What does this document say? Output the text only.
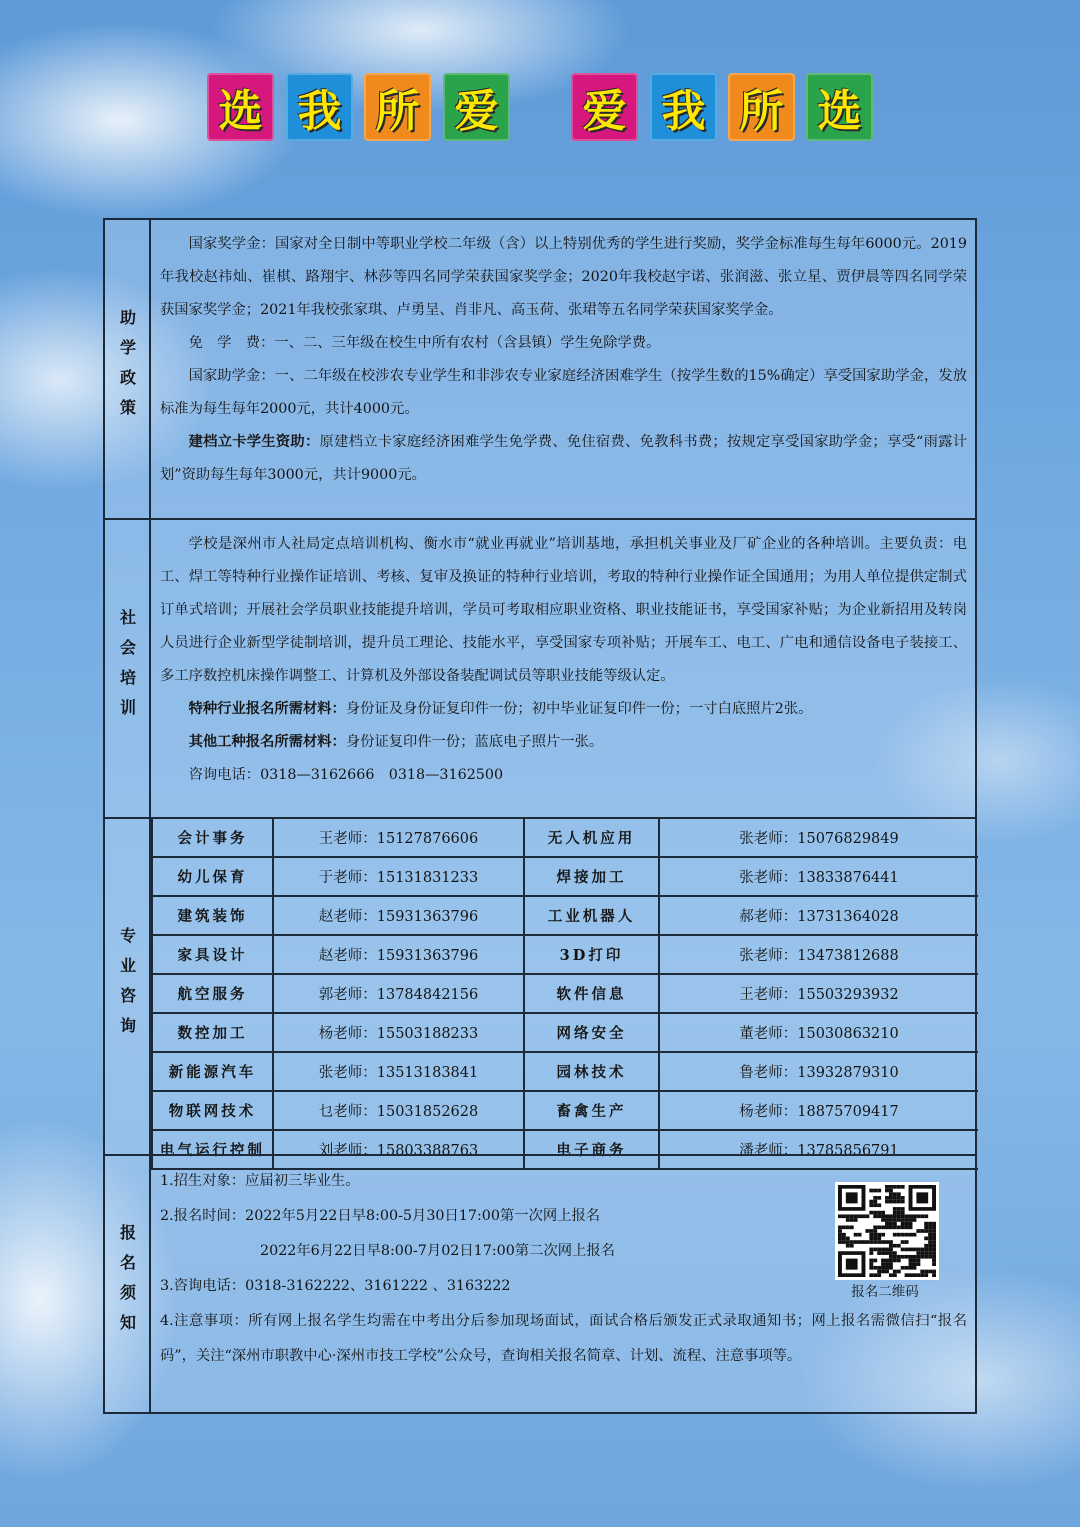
选 我 所 爱 爱 我 所 选
助学政策

国家奖学金：国家对全日制中等职业学校二年级（含）以上特别优秀的学生进行奖励，奖学金标准每生每年6000元。2019年我校赵祎灿、崔棋、路翔宇、林莎等四名同学荣获国家奖学金；2020年我校赵宇诺、张润滋、张立星、贾伊晨等四名同学荣获国家奖学金；2021年我校张家琪、卢勇呈、肖非凡、高玉荷、张珺等五名同学荣获国家奖学金。

免　学　费：一、二、三年级在校生中所有农村（含县镇）学生免除学费。

国家助学金：一、二年级在校涉农专业学生和非涉农专业家庭经济困难学生（按学生数的15%确定）享受国家助学金，发放标准为每生每年2000元，共计4000元。

建档立卡学生资助：原建档立卡家庭经济困难学生免学费、免住宿费、免教科书费；按规定享受国家助学金；享受“雨露计划”资助每生每年3000元，共计9000元。

社会培训

学校是深州市人社局定点培训机构、衡水市“就业再就业”培训基地，承担机关事业及厂矿企业的各种培训。主要负责：电工、焊工等特种行业操作证培训、考核、复审及换证的特种行业培训，考取的特种行业操作证全国通用；为用人单位提供定制式订单式培训；开展社会学员职业技能提升培训，学员可考取相应职业资格、职业技能证书，享受国家补贴；为企业新招用及转岗人员进行企业新型学徒制培训，提升员工理论、技能水平，享受国家专项补贴；开展车工、电工、广电和通信设备电子装接工、多工序数控机床操作调整工、计算机及外部设备装配调试员等职业技能等级认定。

特种行业报名所需材料：身份证及身份证复印件一份；初中毕业证复印件一份；一寸白底照片2张。

其他工种报名所需材料：身份证复印件一份；蓝底电子照片一张。

咨询电话：0318—3162666　0318—3162500

专业咨询
会计事务	王老师：15127876606	无人机应用	张老师：15076829849
幼儿保育	于老师：15131831233	焊接加工	张老师：13833876441
建筑装饰	赵老师：15931363796	工业机器人	郝老师：13731364028
家具设计	赵老师：15931363796	3D打印	张老师：13473812688
航空服务	郭老师：13784842156	软件信息	王老师：15503293932
数控加工	杨老师：15503188233	网络安全	董老师：15030863210
新能源汽车	张老师：13513183841	园林技术	鲁老师：13932879310
物联网技术	乜老师：15031852628	畜禽生产	杨老师：18875709417
电气运行控制	刘老师：15803388763	电子商务	潘老师：13785856791
报名须知
1.招生对象：应届初三毕业生。
2.报名时间：2022年5月22日早8:00-5月30日17:00第一次网上报名
2022年6月22日早8:00-7月02日17:00第二次网上报名
3.咨询电话：0318-3162222、3161222 、3163222
4.注意事项：所有网上报名学生均需在中考出分后参加现场面试，面试合格后颁发正式录取通知书；网上报名需微信扫“报名码”，关注“深州市职教中心·深州市技工学校”公众号，查询相关报名简章、计划、流程、注意事项等。
报名二维码
